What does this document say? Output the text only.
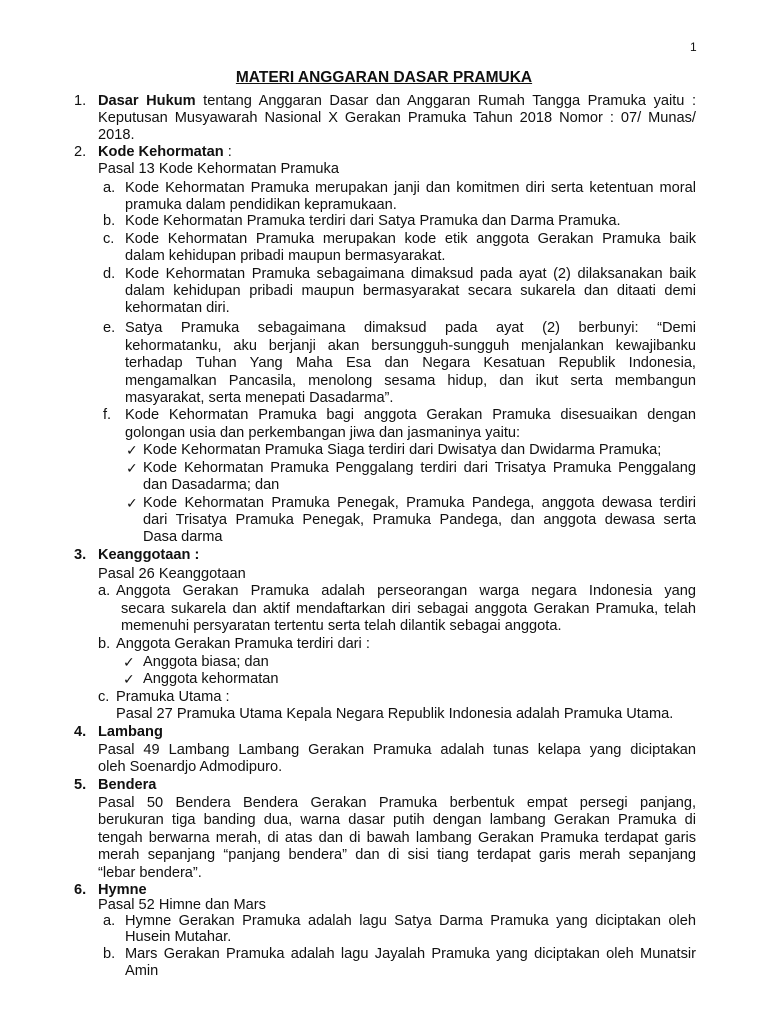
1
MATERI ANGGARAN DASAR PRAMUKA
1. Dasar Hukum tentang Anggaran Dasar dan Anggaran Rumah Tangga Pramuka yaitu :
Keputusan Musyawarah Nasional X Gerakan Pramuka Tahun 2018 Nomor : 07/ Munas/
2018.
2. Kode Kehormatan :
Pasal 13 Kode Kehormatan Pramuka
a. Kode Kehormatan Pramuka merupakan janji dan komitmen diri serta ketentuan moral
pramuka dalam pendidikan kepramukaan.
b. Kode Kehormatan Pramuka terdiri dari Satya Pramuka dan Darma Pramuka.
c. Kode Kehormatan Pramuka merupakan kode etik anggota Gerakan Pramuka baik
dalam kehidupan pribadi maupun bermasyarakat.
d. Kode Kehormatan Pramuka sebagaimana dimaksud pada ayat (2) dilaksanakan baik
dalam kehidupan pribadi maupun bermasyarakat secara sukarela dan ditaati demi
kehormatan diri.
e. Satya Pramuka sebagaimana dimaksud pada ayat (2) berbunyi: “Demi
kehormatanku, aku berjanji akan bersungguh-sungguh menjalankan kewajibanku
terhadap Tuhan Yang Maha Esa dan Negara Kesatuan Republik Indonesia,
mengamalkan Pancasila, menolong sesama hidup, dan ikut serta membangun
masyarakat, serta menepati Dasadarma”.
f. Kode Kehormatan Pramuka bagi anggota Gerakan Pramuka disesuaikan dengan
golongan usia dan perkembangan jiwa dan jasmaninya yaitu:
✓ Kode Kehormatan Pramuka Siaga terdiri dari Dwisatya dan Dwidarma Pramuka;
✓ Kode Kehormatan Pramuka Penggalang terdiri dari Trisatya Pramuka Penggalang
dan Dasadarma; dan
✓ Kode Kehormatan Pramuka Penegak, Pramuka Pandega, anggota dewasa terdiri
dari Trisatya Pramuka Penegak, Pramuka Pandega, dan anggota dewasa serta
Dasa darma
3. Keanggotaan :
Pasal 26 Keanggotaan
a. Anggota Gerakan Pramuka adalah perseorangan warga negara Indonesia yang
secara sukarela dan aktif mendaftarkan diri sebagai anggota Gerakan Pramuka, telah
memenuhi persyaratan tertentu serta telah dilantik sebagai anggota.
b. Anggota Gerakan Pramuka terdiri dari :
✓ Anggota biasa; dan
✓ Anggota kehormatan
c. Pramuka Utama :
Pasal 27 Pramuka Utama Kepala Negara Republik Indonesia adalah Pramuka Utama.
4. Lambang
Pasal 49 Lambang Lambang Gerakan Pramuka adalah tunas kelapa yang diciptakan
oleh Soenardjo Admodipuro.
5. Bendera
Pasal 50 Bendera Bendera Gerakan Pramuka berbentuk empat persegi panjang,
berukuran tiga banding dua, warna dasar putih dengan lambang Gerakan Pramuka di
tengah berwarna merah, di atas dan di bawah lambang Gerakan Pramuka terdapat garis
merah sepanjang “panjang bendera” dan di sisi tiang terdapat garis merah sepanjang
“lebar bendera”.
6. Hymne
Pasal 52 Himne dan Mars
a. Hymne Gerakan Pramuka adalah lagu Satya Darma Pramuka yang diciptakan oleh
Husein Mutahar.
b. Mars Gerakan Pramuka adalah lagu Jayalah Pramuka yang diciptakan oleh Munatsir
Amin
